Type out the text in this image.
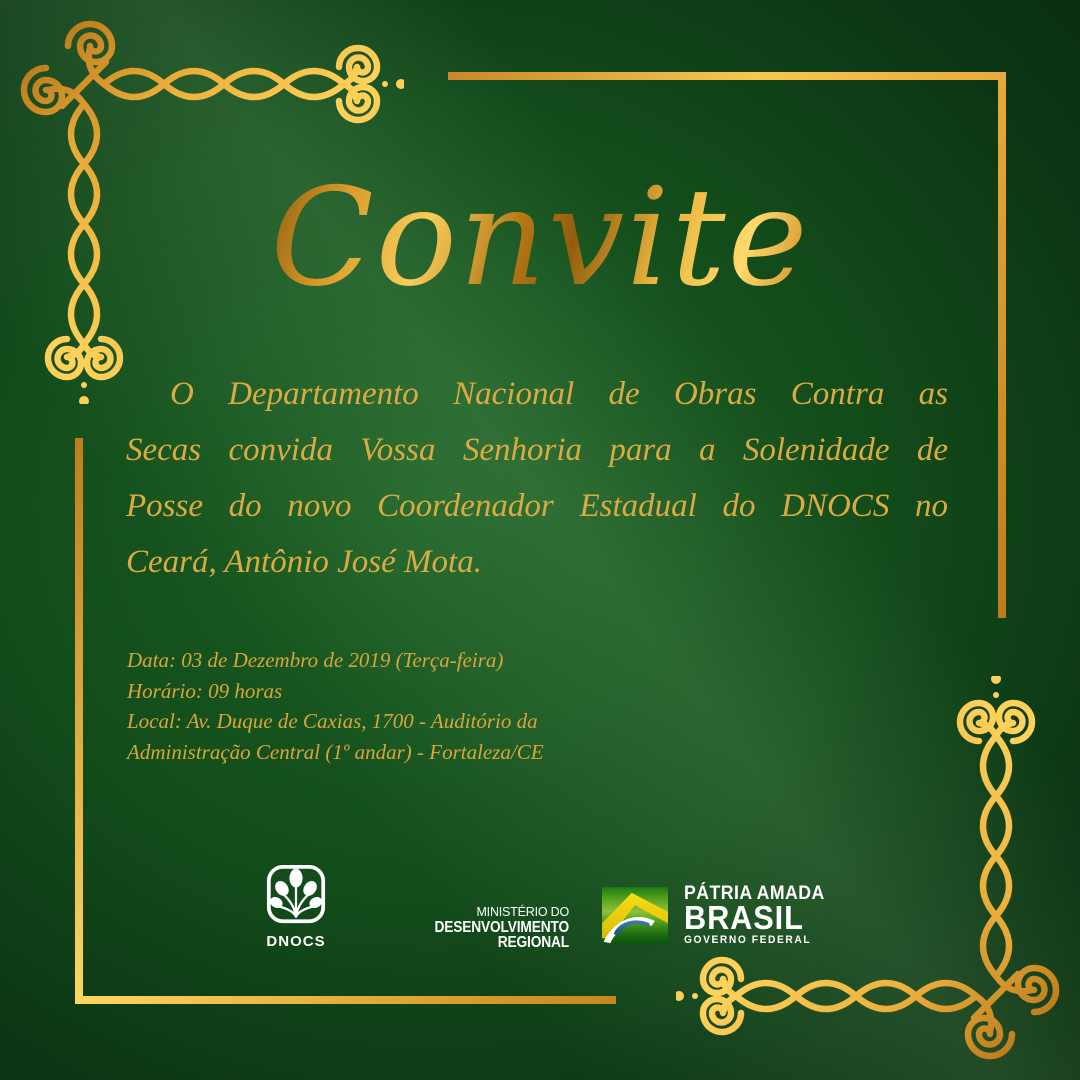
Convite
O Departamento Nacional de Obras Contra as
Secas convida Vossa Senhoria para a Solenidade de
Posse do novo Coordenador Estadual do DNOCS no
Ceará, Antônio José Mota.
Data: 03 de Dezembro de 2019 (Terça-feira)
Horário: 09 horas
Local: Av. Duque de Caxias, 1700 - Auditório da
Administração Central (1º andar) - Fortaleza/CE
DNOCS
MINISTÉRIO DO
DESENVOLVIMENTO REGIONAL
PÁTRIA AMADA
BRASIL
GOVERNO FEDERAL
